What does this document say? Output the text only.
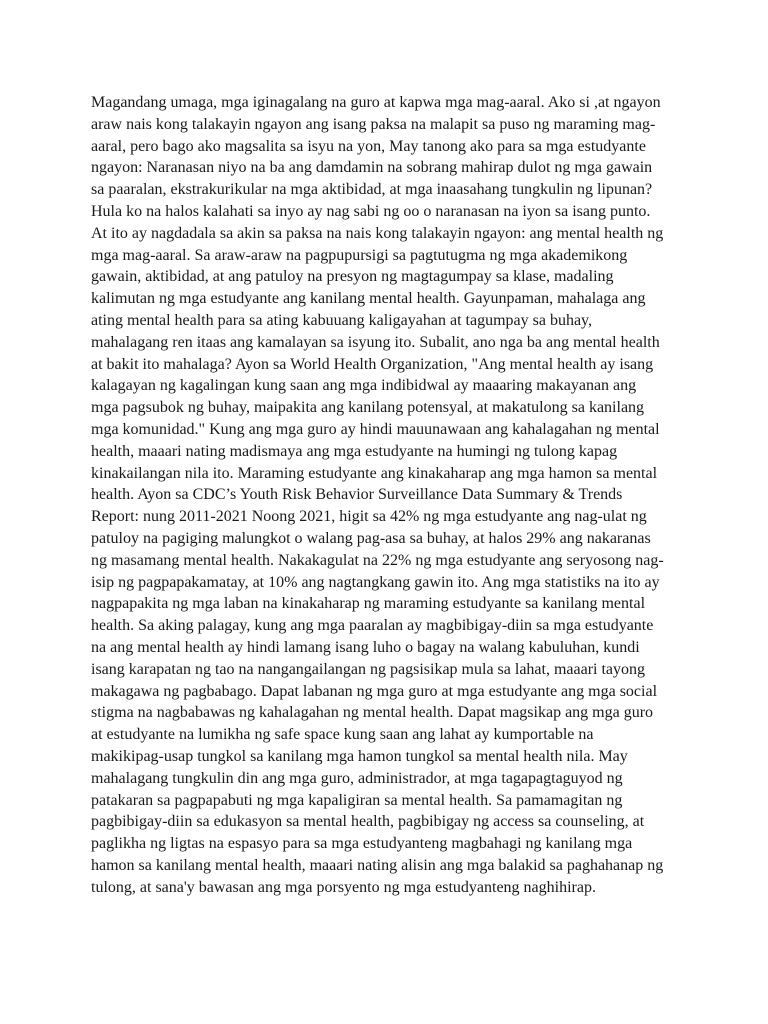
Magandang umaga, mga iginagalang na guro at kapwa mga mag-aaral. Ako si ,at ngayon
araw nais kong talakayin ngayon ang isang paksa na malapit sa puso ng maraming mag-
aaral, pero bago ako magsalita sa isyu na yon, May tanong ako para sa mga estudyante
ngayon: Naranasan niyo na ba ang damdamin na sobrang mahirap dulot ng mga gawain
sa paaralan, ekstrakurikular na mga aktibidad, at mga inaasahang tungkulin ng lipunan?
Hula ko na halos kalahati sa inyo ay nag sabi ng oo o naranasan na iyon sa isang punto.
At ito ay nagdadala sa akin sa paksa na nais kong talakayin ngayon: ang mental health ng
mga mag-aaral. Sa araw-araw na pagpupursigi sa pagtutugma ng mga akademikong
gawain, aktibidad, at ang patuloy na presyon ng magtagumpay sa klase, madaling
kalimutan ng mga estudyante ang kanilang mental health. Gayunpaman, mahalaga ang
ating mental health para sa ating kabuuang kaligayahan at tagumpay sa buhay,
mahalagang ren itaas ang kamalayan sa isyung ito. Subalit, ano nga ba ang mental health
at bakit ito mahalaga? Ayon sa World Health Organization, "Ang mental health ay isang
kalagayan ng kagalingan kung saan ang mga indibidwal ay maaaring makayanan ang
mga pagsubok ng buhay, maipakita ang kanilang potensyal, at makatulong sa kanilang
mga komunidad." Kung ang mga guro ay hindi mauunawaan ang kahalagahan ng mental
health, maaari nating madismaya ang mga estudyante na humingi ng tulong kapag
kinakailangan nila ito. Maraming estudyante ang kinakaharap ang mga hamon sa mental
health. Ayon sa CDC’s Youth Risk Behavior Surveillance Data Summary & Trends
Report: nung 2011-2021 Noong 2021, higit sa 42% ng mga estudyante ang nag-ulat ng
patuloy na pagiging malungkot o walang pag-asa sa buhay, at halos 29% ang nakaranas
ng masamang mental health. Nakakagulat na 22% ng mga estudyante ang seryosong nag-
isip ng pagpapakamatay, at 10% ang nagtangkang gawin ito. Ang mga statistiks na ito ay
nagpapakita ng mga laban na kinakaharap ng maraming estudyante sa kanilang mental
health. Sa aking palagay, kung ang mga paaralan ay magbibigay-diin sa mga estudyante
na ang mental health ay hindi lamang isang luho o bagay na walang kabuluhan, kundi
isang karapatan ng tao na nangangailangan ng pagsisikap mula sa lahat, maaari tayong
makagawa ng pagbabago. Dapat labanan ng mga guro at mga estudyante ang mga social
stigma na nagbabawas ng kahalagahan ng mental health. Dapat magsikap ang mga guro
at estudyante na lumikha ng safe space kung saan ang lahat ay kumportable na
makikipag-usap tungkol sa kanilang mga hamon tungkol sa mental health nila. May
mahalagang tungkulin din ang mga guro, administrador, at mga tagapagtaguyod ng
patakaran sa pagpapabuti ng mga kapaligiran sa mental health. Sa pamamagitan ng
pagbibigay-diin sa edukasyon sa mental health, pagbibigay ng access sa counseling, at
paglikha ng ligtas na espasyo para sa mga estudyanteng magbahagi ng kanilang mga
hamon sa kanilang mental health, maaari nating alisin ang mga balakid sa paghahanap ng
tulong, at sana'y bawasan ang mga porsyento ng mga estudyanteng naghihirap.
